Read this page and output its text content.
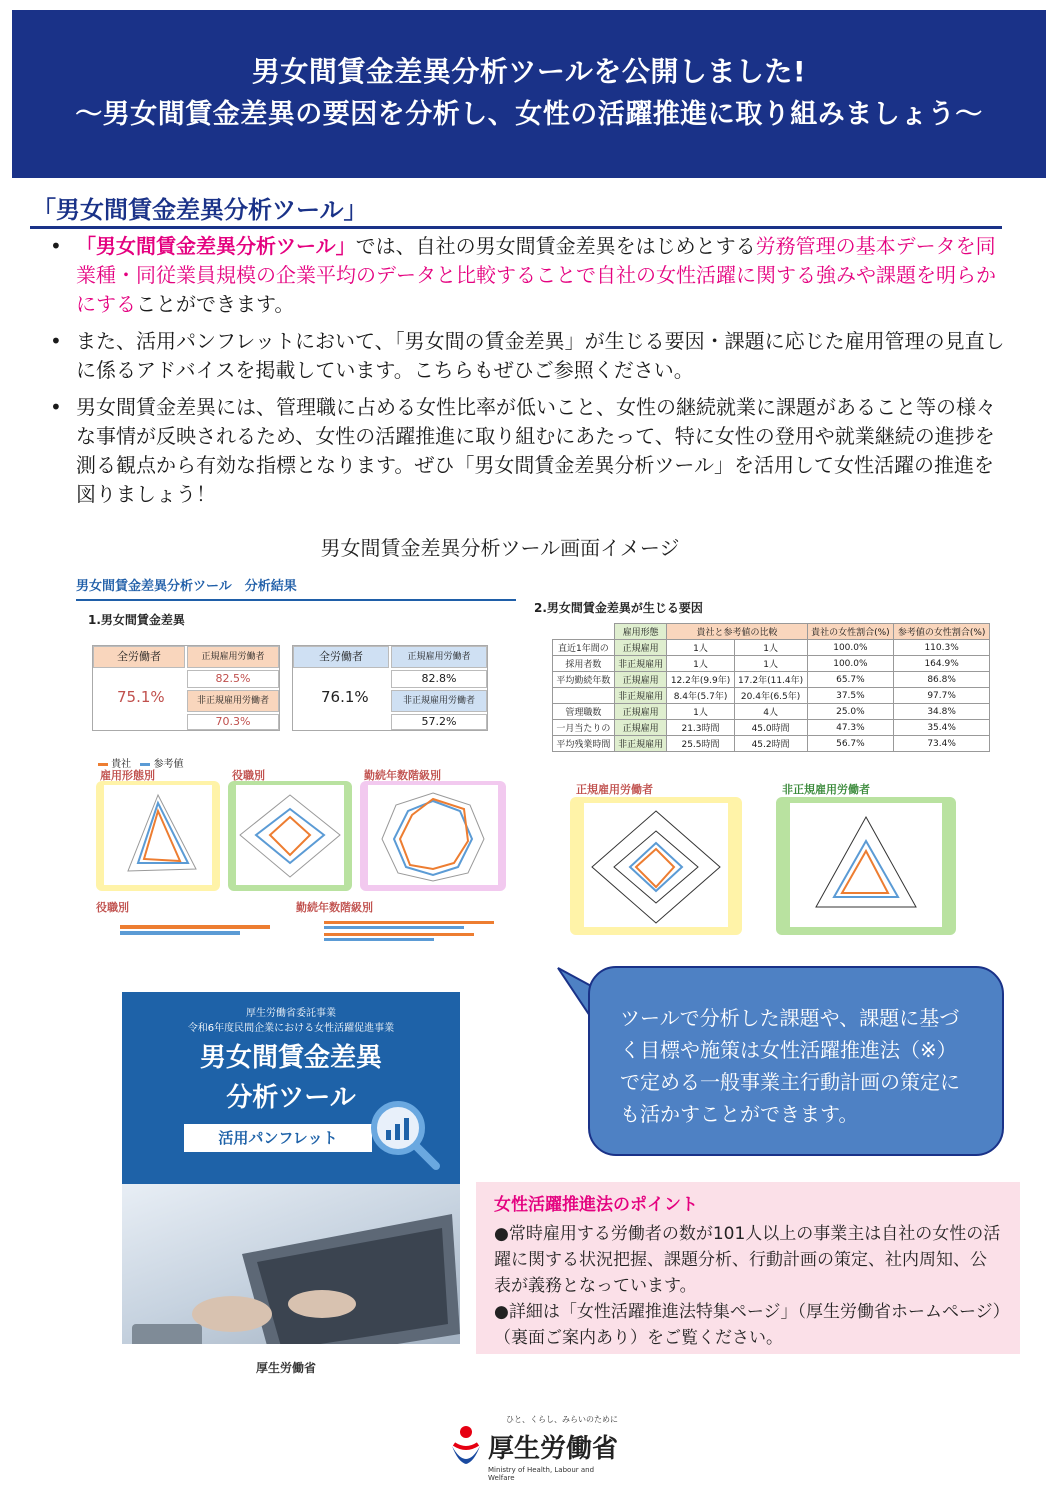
男女間賃金差異分析ツールを公開しました!
～男女間賃金差異の要因を分析し、女性の活躍推進に取り組みましょう～
「男女間賃金差異分析ツール」
• 「男女間賃金差異分析ツール」では、自社の男女間賃金差異をはじめとする労務管理の基本データを同業種・同従業員規模の企業平均のデータと比較することで自社の女性活躍に関する強みや課題を明らかにすることができます。
• また、活用パンフレットにおいて、「男女間の賃金差異」が生じる要因・課題に応じた雇用管理の見直しに係るアドバイスを掲載しています。こちらもぜひご参照ください。
• 男女間賃金差異には、管理職に占める女性比率が低いこと、女性の継続就業に課題があること等の様々な事情が反映されるため、女性の活躍推進に取り組むにあたって、特に女性の登用や就業継続の進捗を測る観点から有効な指標となります。ぜひ「男女間賃金差異分析ツール」を活用して女性活躍の推進を図りましょう！
男女間賃金差異分析ツール画面イメージ
男女間賃金差異分析ツール　分析結果
1.男女間賃金差異
2.男女間賃金差異が生じる要因
全労働者
75.1%
正規雇用労働者
82.5%
非正規雇用労働者
70.3%
全労働者
76.1%
正規雇用労働者
82.8%
非正規雇用労働者
57.2%
貴社 参考値
雇用形態別	役職別	勤続年数階級別
役職別	勤続年数階級別
	雇用形態	貴社と参考値の比較		貴社の女性割合(%)	参考値の女性割合(%)
直近1年間の	正規雇用	1人	1人	100.0%	110.3%
採用者数	非正規雇用	1人	1人	100.0%	164.9%
平均勤続年数	正規雇用	12.2年(9.9年)	17.2年(11.4年)	65.7%	86.8%
	非正規雇用	8.4年(5.7年)	20.4年(6.5年)	37.5%	97.7%
管理職数	正規雇用	1人	4人	25.0%	34.8%
一月当たりの	正規雇用	21.3時間	45.0時間	47.3%	35.4%
平均残業時間	非正規雇用	25.5時間	45.2時間	56.7%	73.4%
正規雇用労働者	非正規雇用労働者
厚生労働省委託事業
令和6年度民間企業における女性活躍促進事業
男女間賃金差異
分析ツール
活用パンフレット
厚生労働省
ツールで分析した課題や、課題に基づく目標や施策は女性活躍推進法（※）で定める一般事業主行動計画の策定にも活かすことができます。
女性活躍推進法のポイント

●常時雇用する労働者の数が101人以上の事業主は自社の女性の活躍に関する状況把握、課題分析、行動計画の策定、社内周知、公表が義務となっています。

●詳細は「女性活躍推進法特集ページ」（厚生労働省ホームページ）（裏面ご案内あり）をご覧ください。

ひと、くらし、みらいのために
厚生労働省
Ministry of Health, Labour and Welfare
